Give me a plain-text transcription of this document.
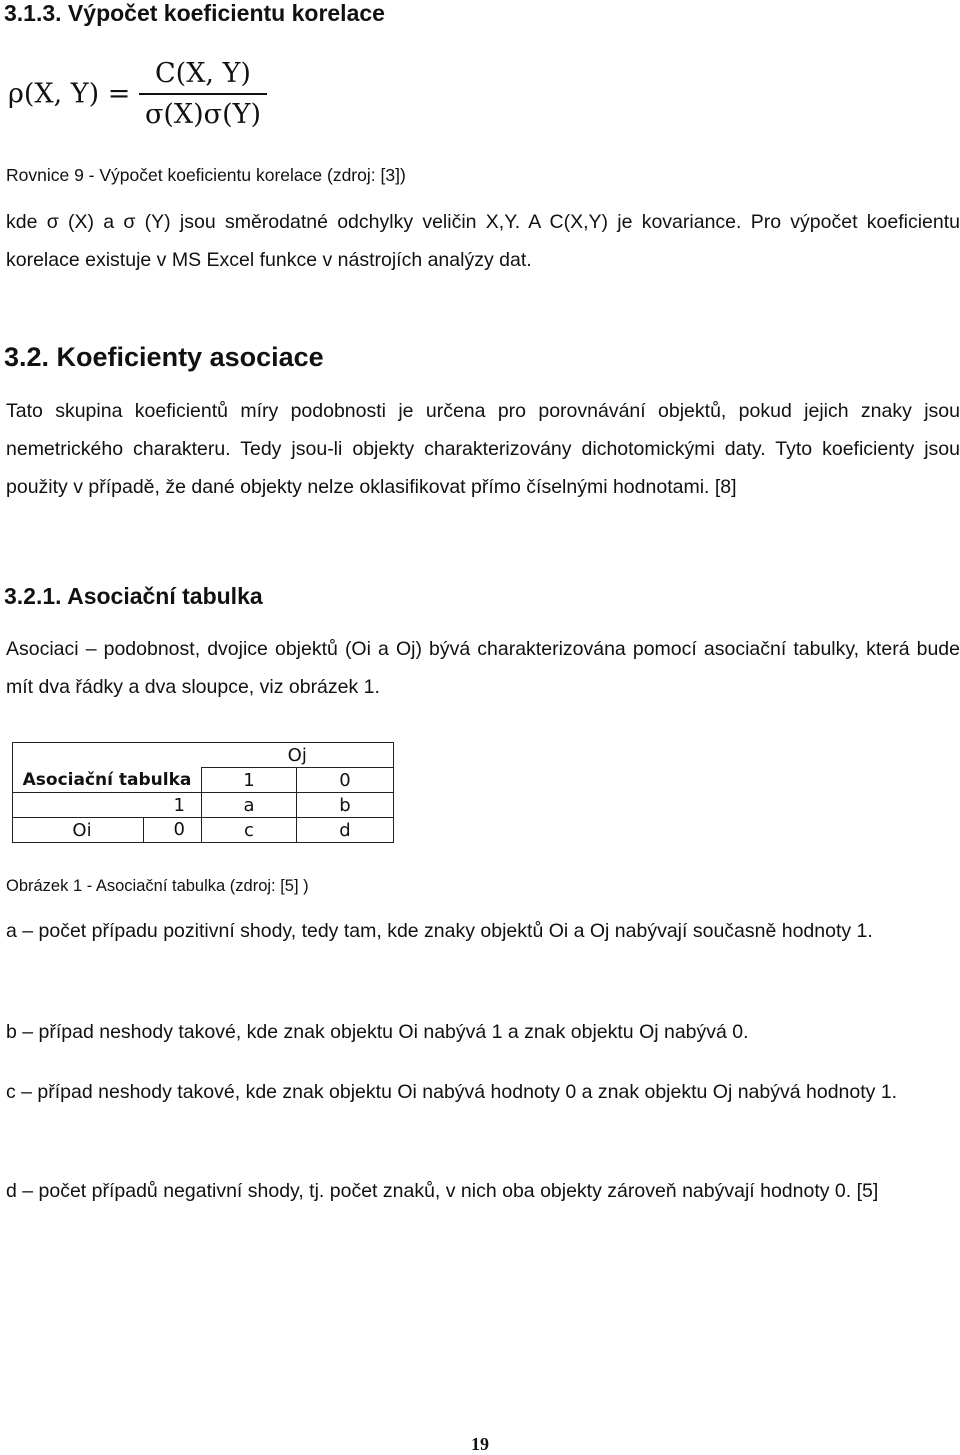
3.1.3. Výpočet koeficientu korelace
ρ(X, $Y) = \frac{C(X, Y)}{\sigma(X)\sigma(Y)}$
Rovnice 9 - Výpočet koeficientu korelace (zdroj: [3])
kde σ (X) a σ (Y) jsou směrodatné odchylky veličin X,Y. A C(X,Y) je kovariance. Pro výpočet koeficientu korelace existuje v MS Excel funkce v nástrojích analýzy dat.
3.2. Koeficienty asociace
Tato skupina koeficientů míry podobnosti je určena pro porovnávání objektů, pokud jejich znaky jsou nemetrického charakteru. Tedy jsou-li objekty charakterizovány dichotomickými daty. Tyto koeficienty jsou použity v případě, že dané objekty nelze oklasifikovat přímo číselnými hodnotami. [8]
3.2.1. Asociační tabulka
Asociaci – podobnost, dvojice objektů (Oi a Oj) bývá charakterizována pomocí asociační tabulky, která bude mít dva řádky a dva sloupce, viz obrázek 1.
	Oj	
Asociační tabulka	1	0
1	a	b

Oi 0	c	d
Obrázek 1 - Asociační tabulka (zdroj: [5] )
a – počet případu pozitivní shody, tedy tam, kde znaky objektů Oi a Oj nabývají současně hodnoty 1.
b – případ neshody takové, kde znak objektu Oi nabývá 1 a znak objektu Oj nabývá 0.
c – případ neshody takové, kde znak objektu Oi nabývá hodnoty 0 a znak objektu Oj nabývá hodnoty 1.
d – počet případů negativní shody, tj. počet znaků, v nich oba objekty zároveň nabývají hodnoty 0. [5]
19
